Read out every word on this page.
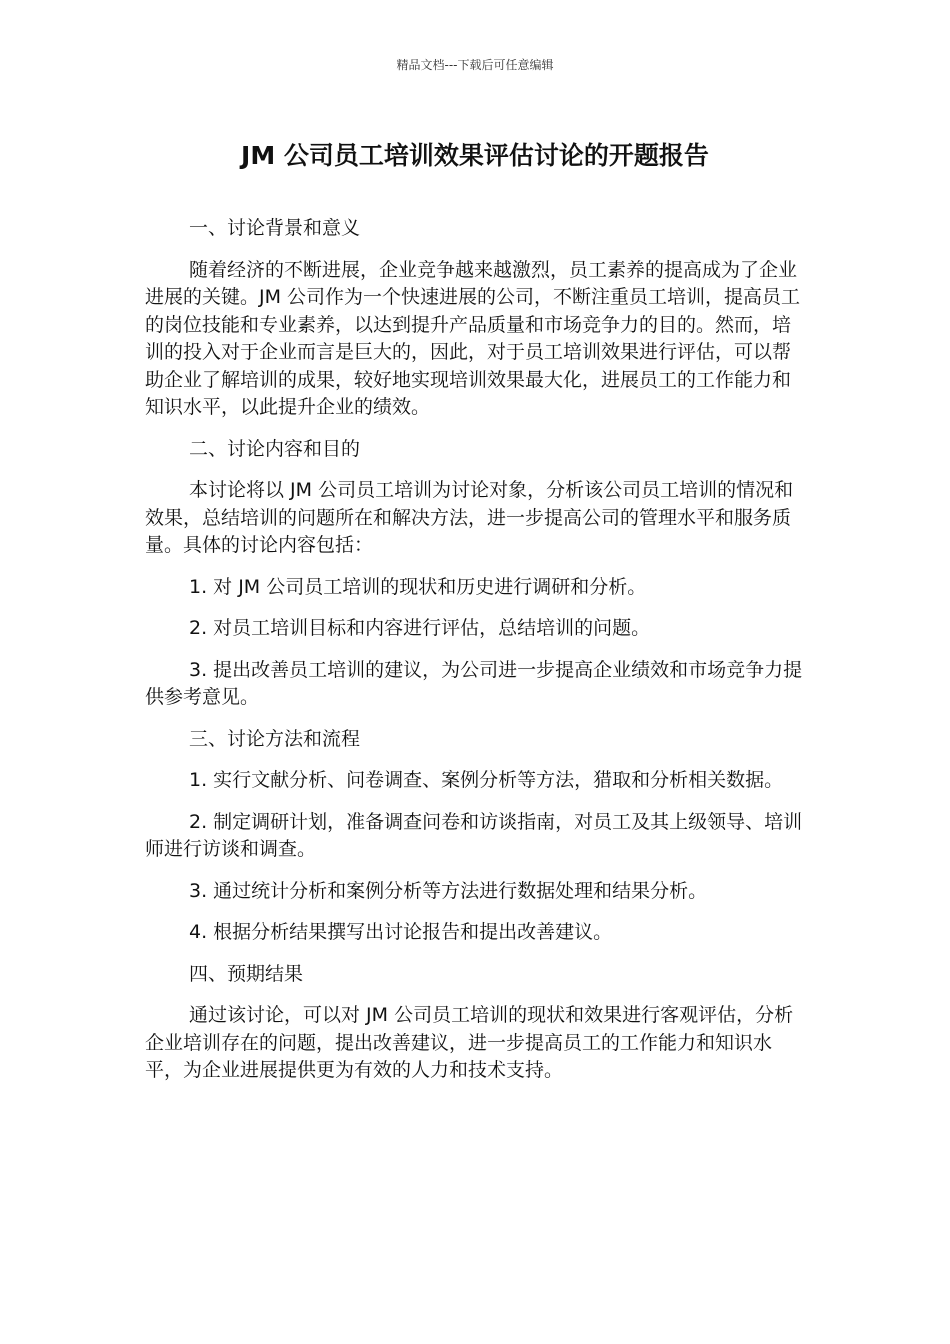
精品文档---下载后可任意编辑
JM 公司员工培训效果评估讨论的开题报告
一、讨论背景和意义

随着经济的不断进展，企业竞争越来越激烈，员工素养的提高成为了企业进展的关键。JM 公司作为一个快速进展的公司，不断注重员工培训，提高员工的岗位技能和专业素养，以达到提升产品质量和市场竞争力的目的。然而，培训的投入对于企业而言是巨大的，因此，对于员工培训效果进行评估，可以帮助企业了解培训的成果，较好地实现培训效果最大化，进展员工的工作能力和知识水平，以此提升企业的绩效。

二、讨论内容和目的

本讨论将以 JM 公司员工培训为讨论对象，分析该公司员工培训的情况和效果，总结培训的问题所在和解决方法，进一步提高公司的管理水平和服务质量。具体的讨论内容包括：

1. 对 JM 公司员工培训的现状和历史进行调研和分析。

2. 对员工培训目标和内容进行评估，总结培训的问题。

3. 提出改善员工培训的建议，为公司进一步提高企业绩效和市场竞争力提供参考意见。

三、讨论方法和流程

1. 实行文献分析、问卷调查、案例分析等方法，猎取和分析相关数据。

2. 制定调研计划，准备调查问卷和访谈指南，对员工及其上级领导、培训师进行访谈和调查。

3. 通过统计分析和案例分析等方法进行数据处理和结果分析。

4. 根据分析结果撰写出讨论报告和提出改善建议。

四、预期结果

通过该讨论，可以对 JM 公司员工培训的现状和效果进行客观评估，分析企业培训存在的问题，提出改善建议，进一步提高员工的工作能力和知识水平，为企业进展提供更为有效的人力和技术支持。
